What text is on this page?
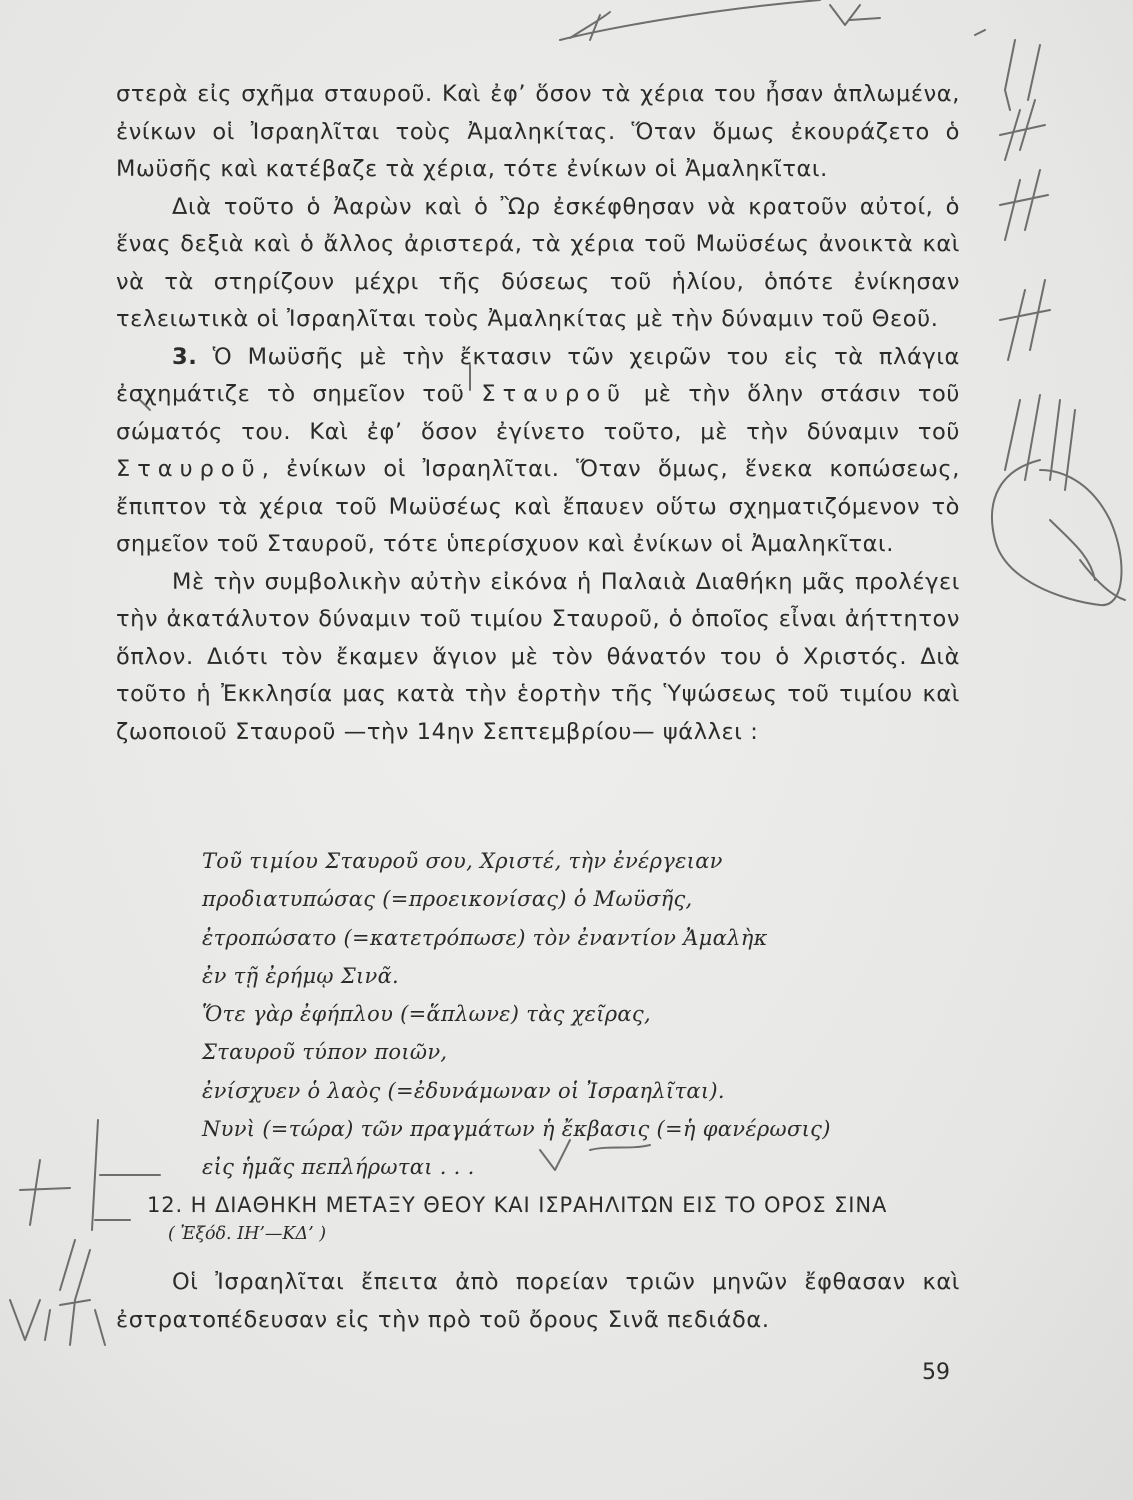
στερὰ εἰς σχῆμα σταυροῦ. Καὶ ἐφ’ ὅσον τὰ χέρια του ἦσαν ἁπλωμένα, ἐνίκων οἱ Ἰσραηλῖται τοὺς Ἀμαληκίτας. Ὅταν ὅμως ἐκουράζετο ὁ Μωϋσῆς καὶ κατέβαζε τὰ χέρια, τότε ἐνίκων οἱ Ἀμαληκῖται.

Διὰ τοῦτο ὁ Ἀαρὼν καὶ ὁ Ὢρ ἐσκέφθησαν νὰ κρατοῦν αὐτοί, ὁ ἕνας δεξιὰ καὶ ὁ ἄλλος ἀριστερά, τὰ χέρια τοῦ Μωϋσέως ἀνοικτὰ καὶ νὰ τὰ στηρίζουν μέχρι τῆς δύσεως τοῦ ἡλίου, ὁπότε ἐνίκησαν τελειωτικὰ οἱ Ἰσραηλῖται τοὺς Ἀμαληκίτας μὲ τὴν δύναμιν τοῦ Θεοῦ.

3. Ὁ Μωϋσῆς μὲ τὴν ἔκτασιν τῶν χειρῶν του εἰς τὰ πλάγια ἐσχημάτιζε τὸ σημεῖον τοῦ Σταυροῦ μὲ τὴν ὅλην στάσιν τοῦ σώματός του. Καὶ ἐφ’ ὅσον ἐγίνετο τοῦτο, μὲ τὴν δύναμιν τοῦ Σταυροῦ, ἐνίκων οἱ Ἰσραηλῖται. Ὅταν ὅμως, ἕνεκα κοπώσεως, ἔπιπτον τὰ χέρια τοῦ Μωϋσέως καὶ ἔπαυεν οὕτω σχηματιζόμενον τὸ σημεῖον τοῦ Σταυροῦ, τότε ὑπερίσχυον καὶ ἐνίκων οἱ Ἀμαληκῖται.

Μὲ τὴν συμβολικὴν αὐτὴν εἰκόνα ἡ Παλαιὰ Διαθήκη μᾶς προλέγει τὴν ἀκατάλυτον δύναμιν τοῦ τιμίου Σταυροῦ, ὁ ὁποῖος εἶναι ἀήττητον ὅπλον. Διότι τὸν ἔκαμεν ἅγιον μὲ τὸν θάνατόν του ὁ Χριστός. Διὰ τοῦτο ἡ Ἐκκλησία μας κατὰ τὴν ἑορτὴν τῆς Ὑψώσεως τοῦ τιμίου καὶ ζωοποιοῦ Σταυροῦ —τὴν 14ην Σεπτεμβρίου— ψάλλει :

Τοῦ τιμίου Σταυροῦ σου, Χριστέ, τὴν ἐνέργειαν
προδιατυπώσας (=προεικονίσας) ὁ Μωϋσῆς,
ἐτροπώσατο (=κατετρόπωσε) τὸν ἐναντίον Ἀμαλὴκ
ἐν τῇ ἐρήμῳ Σινᾶ.
Ὅτε γὰρ ἐφήπλου (=ἅπλωνε) τὰς χεῖρας,
Σταυροῦ τύπον ποιῶν,
ἐνίσχυεν ὁ λαὸς (=ἐδυνάμωναν οἱ Ἰσραηλῖται).
Νυνὶ (=τώρα) τῶν πραγμάτων ἡ ἔκβασις (=ἡ φανέρωσις)
εἰς ἡμᾶς πεπλήρωται . . .
12. Η ΔΙΑΘΗΚΗ ΜΕΤΑΞΥ ΘΕΟΥ ΚΑΙ ΙΣΡΑΗΛΙΤΩΝ ΕΙΣ ΤΟ ΟΡΟΣ ΣΙΝΑ
( Ἐξόδ. ΙΗ’—ΚΔ’ )

Οἱ Ἰσραηλῖται ἔπειτα ἀπὸ πορείαν τριῶν μηνῶν ἔφθασαν καὶ ἐστρατοπέδευσαν εἰς τὴν πρὸ τοῦ ὄρους Σινᾶ πεδιάδα.

59
